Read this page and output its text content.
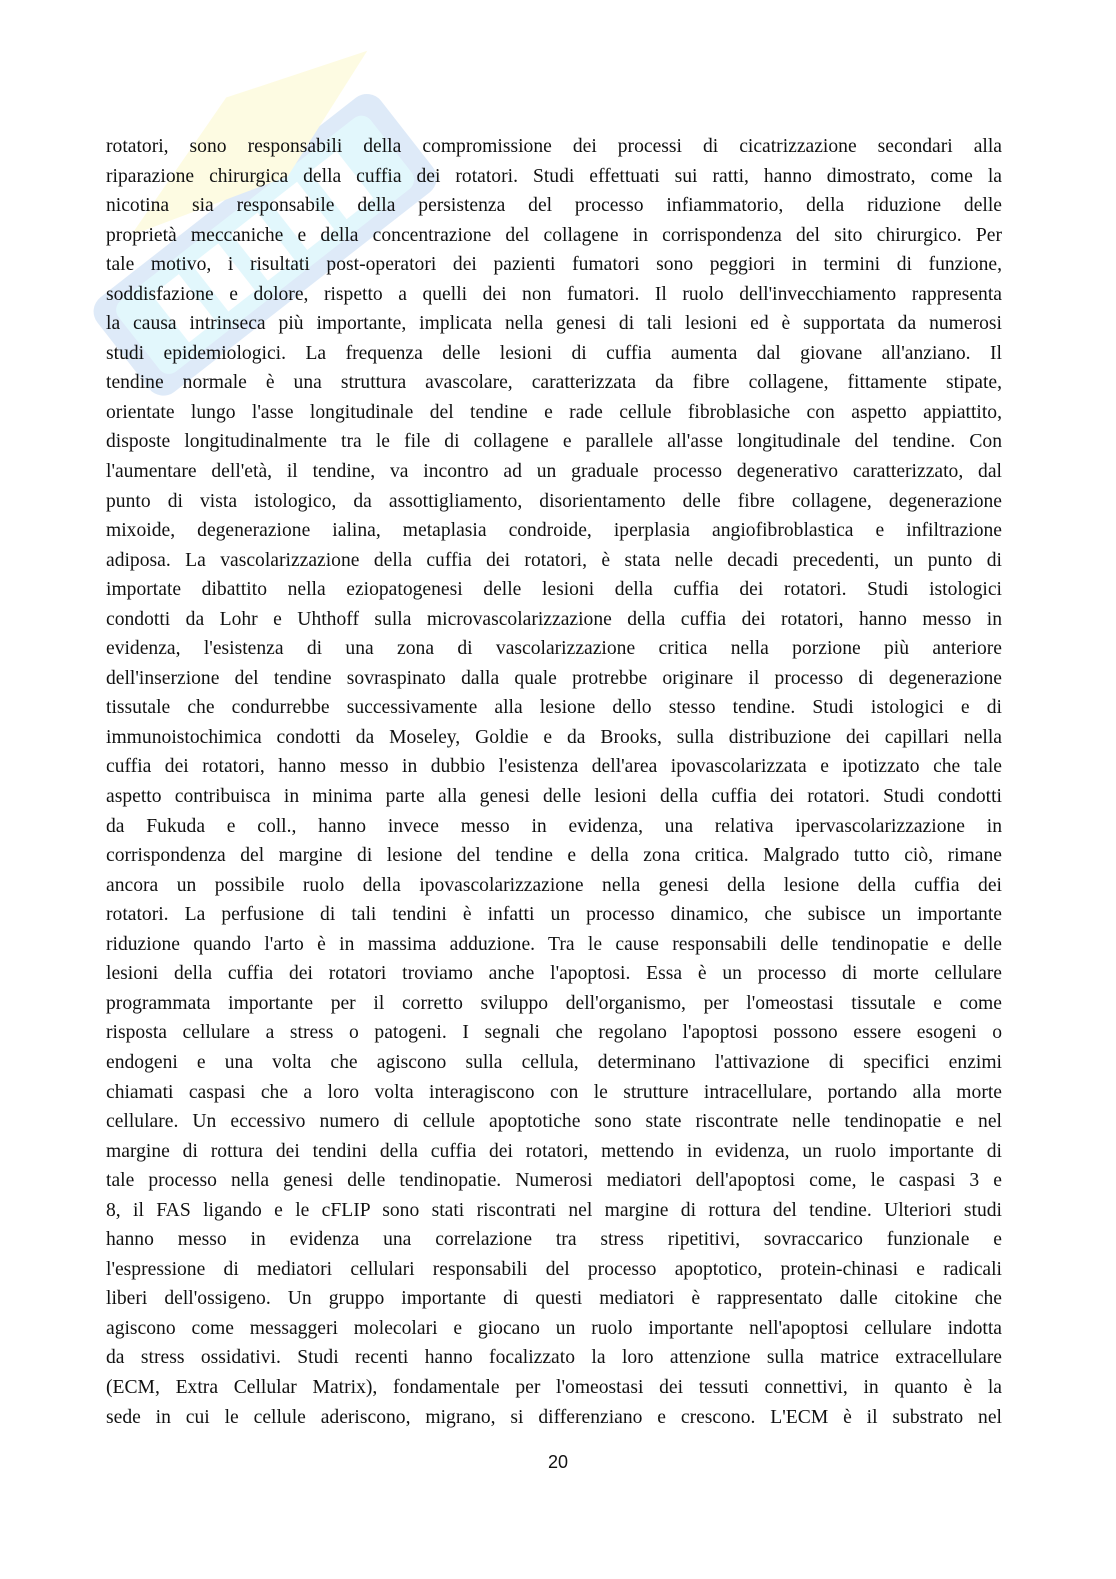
rotatori, sono responsabili della compromissione dei processi di cicatrizzazione secondari alla
riparazione chirurgica della cuffia dei rotatori. Studi effettuati sui ratti, hanno dimostrato, come la
nicotina sia responsabile della persistenza del processo infiammatorio, della riduzione delle
proprietà meccaniche e della concentrazione del collagene in corrispondenza del sito chirurgico. Per
tale motivo, i risultati post-operatori dei pazienti fumatori sono peggiori in termini di funzione,
soddisfazione e dolore, rispetto a quelli dei non fumatori. Il ruolo dell'invecchiamento rappresenta
la causa intrinseca più importante, implicata nella genesi di tali lesioni ed è supportata da numerosi
studi epidemiologici. La frequenza delle lesioni di cuffia aumenta dal giovane all'anziano. Il
tendine normale è una struttura avascolare, caratterizzata da fibre collagene, fittamente stipate,
orientate lungo l'asse longitudinale del tendine e rade cellule fibroblasiche con aspetto appiattito,
disposte longitudinalmente tra le file di collagene e parallele all'asse longitudinale del tendine. Con
l'aumentare dell'età, il tendine, va incontro ad un graduale processo degenerativo caratterizzato, dal
punto di vista istologico, da assottigliamento, disorientamento delle fibre collagene, degenerazione
mixoide, degenerazione ialina, metaplasia condroide, iperplasia angiofibroblastica e infiltrazione
adiposa. La vascolarizzazione della cuffia dei rotatori, è stata nelle decadi precedenti, un punto di
importate dibattito nella eziopatogenesi delle lesioni della cuffia dei rotatori. Studi istologici
condotti da Lohr e Uhthoff sulla microvascolarizzazione della cuffia dei rotatori, hanno messo in
evidenza, l'esistenza di una zona di vascolarizzazione critica nella porzione più anteriore
dell'inserzione del tendine sovraspinato dalla quale protrebbe originare il processo di degenerazione
tissutale che condurrebbe successivamente alla lesione dello stesso tendine. Studi istologici e di
immunoistochimica condotti da Moseley, Goldie e da Brooks, sulla distribuzione dei capillari nella
cuffia dei rotatori, hanno messo in dubbio l'esistenza dell'area ipovascolarizzata e ipotizzato che tale
aspetto contribuisca in minima parte alla genesi delle lesioni della cuffia dei rotatori. Studi condotti
da Fukuda e coll., hanno invece messo in evidenza, una relativa ipervascolarizzazione in
corrispondenza del margine di lesione del tendine e della zona critica. Malgrado tutto ciò, rimane
ancora un possibile ruolo della ipovascolarizzazione nella genesi della lesione della cuffia dei
rotatori. La perfusione di tali tendini è infatti un processo dinamico, che subisce un importante
riduzione quando l'arto è in massima adduzione. Tra le cause responsabili delle tendinopatie e delle
lesioni della cuffia dei rotatori troviamo anche l'apoptosi. Essa è un processo di morte cellulare
programmata importante per il corretto sviluppo dell'organismo, per l'omeostasi tissutale e come
risposta cellulare a stress o patogeni. I segnali che regolano l'apoptosi possono essere esogeni o
endogeni e una volta che agiscono sulla cellula, determinano l'attivazione di specifici enzimi
chiamati caspasi che a loro volta interagiscono con le strutture intracellulare, portando alla morte
cellulare. Un eccessivo numero di cellule apoptotiche sono state riscontrate nelle tendinopatie e nel
margine di rottura dei tendini della cuffia dei rotatori, mettendo in evidenza, un ruolo importante di
tale processo nella genesi delle tendinopatie. Numerosi mediatori dell'apoptosi come, le caspasi 3 e
8, il FAS ligando e le cFLIP sono stati riscontrati nel margine di rottura del tendine. Ulteriori studi
hanno messo in evidenza una correlazione tra stress ripetitivi, sovraccarico funzionale e
l'espressione di mediatori cellulari responsabili del processo apoptotico, protein-chinasi e radicali
liberi dell'ossigeno. Un gruppo importante di questi mediatori è rappresentato dalle citokine che
agiscono come messaggeri molecolari e giocano un ruolo importante nell'apoptosi cellulare indotta
da stress ossidativi. Studi recenti hanno focalizzato la loro attenzione sulla matrice extracellulare
(ECM, Extra Cellular Matrix), fondamentale per l'omeostasi dei tessuti connettivi, in quanto è la
sede in cui le cellule aderiscono, migrano, si differenziano e crescono. L'ECM è il substrato nel
20
